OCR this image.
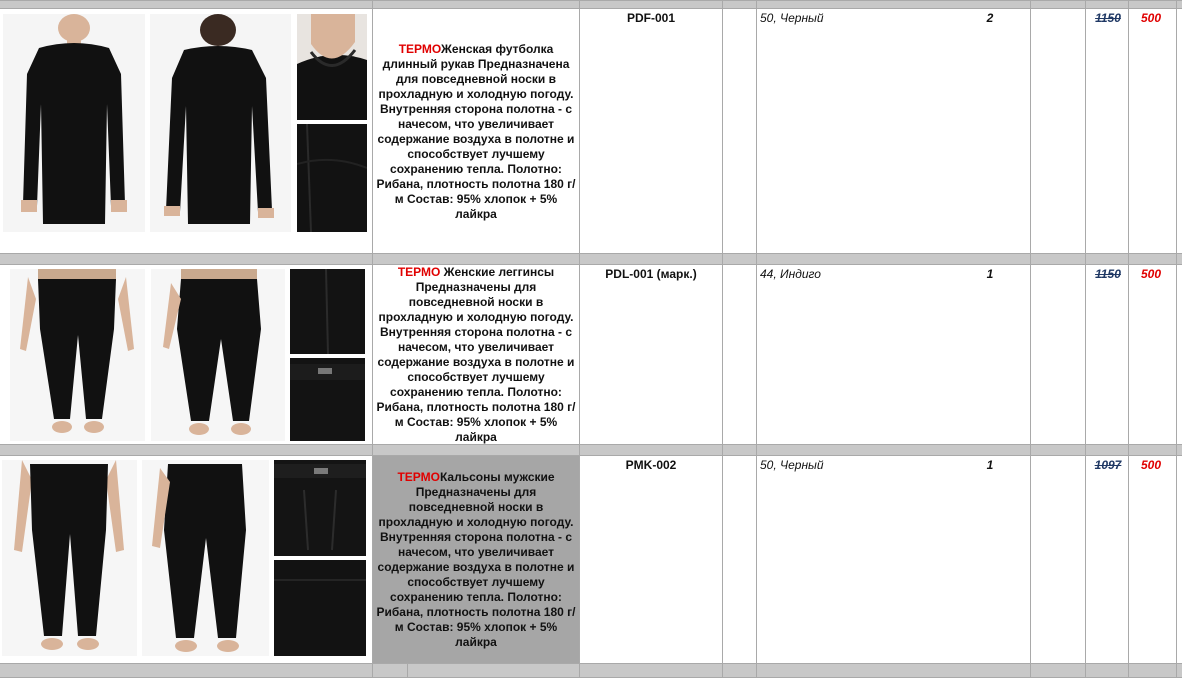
ТЕРМОЖенская футболка длинный рукав Предназначена для повседневной носки в прохладную и холодную погоду. Внутренняя сторона полотна - с начесом, что увеличивает содержание воздуха в полотне и способствует лучшему сохранению тепла. Полотно: Рибана, плотность полотна 180 г/м Состав: 95% хлопок + 5% лайкра
PDF-001	50, Черный	2	1150	500
ТЕРМО Женские леггинсы Предназначены для повседневной носки в прохладную и холодную погоду. Внутренняя сторона полотна - с начесом, что увеличивает содержание воздуха в полотне и способствует лучшему сохранению тепла. Полотно: Рибана, плотность полотна 180 г/м Состав: 95% хлопок + 5% лайкра
PDL-001 (марк.)	44, Индиго	1	1150	500
ТЕРМОКальсоны мужские Предназначены для повседневной носки в прохладную и холодную погоду. Внутренняя сторона полотна - с начесом, что увеличивает содержание воздуха в полотне и способствует лучшему сохранению тепла. Полотно: Рибана, плотность полотна 180 г/м Состав: 95% хлопок + 5% лайкра
PMK-002	50, Черный	1	1097	500
